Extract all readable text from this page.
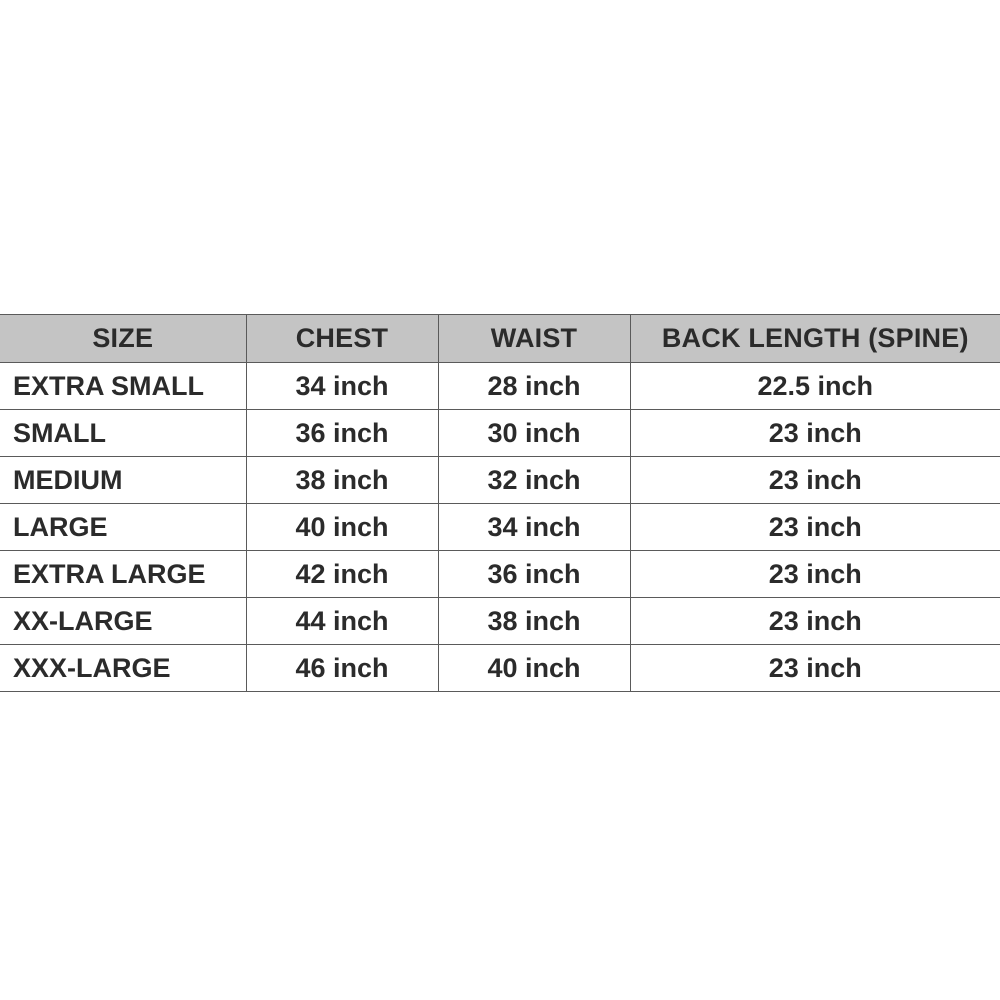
SIZE	CHEST	WAIST	BACK LENGTH (SPINE)
EXTRA SMALL	34 inch	28 inch	22.5 inch
SMALL	36 inch	30 inch	23 inch
MEDIUM	38 inch	32 inch	23 inch
LARGE	40 inch	34 inch	23 inch
EXTRA LARGE	42 inch	36 inch	23 inch
XX-LARGE	44 inch	38 inch	23 inch
XXX-LARGE	46 inch	40 inch	23 inch
